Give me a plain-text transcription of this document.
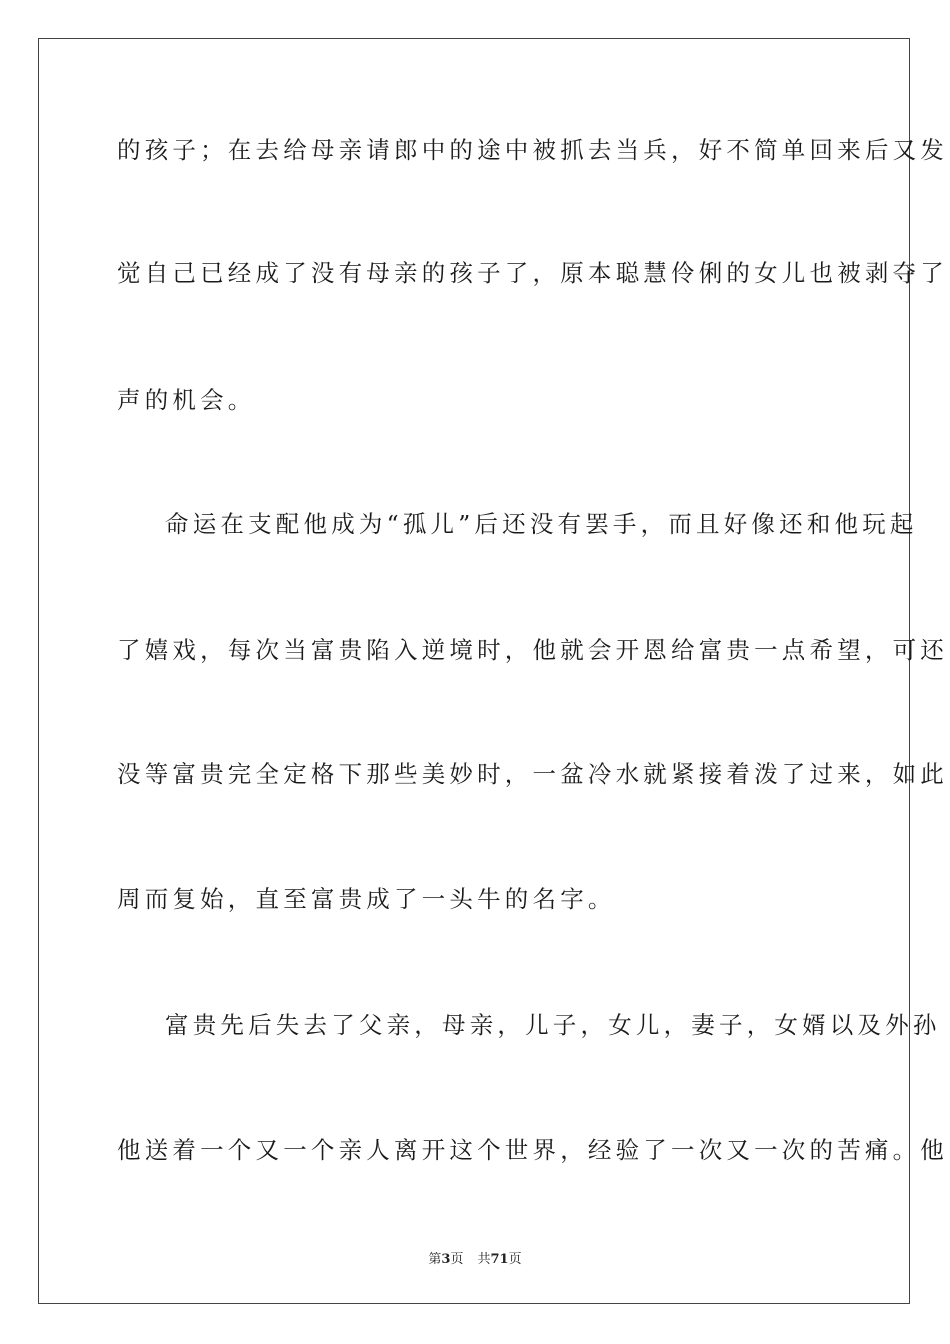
的孩子；在去给母亲请郎中的途中被抓去当兵，好不简单回来后又发
觉自己已经成了没有母亲的孩子了，原本聪慧伶俐的女儿也被剥夺了
声的机会。
命运在支配他成为“孤儿”后还没有罢手，而且好像还和他玩起
了嬉戏，每次当富贵陷入逆境时，他就会开恩给富贵一点希望，可还
没等富贵完全定格下那些美妙时，一盆冷水就紧接着泼了过来，如此
周而复始，直至富贵成了一头牛的名字。
富贵先后失去了父亲，母亲，儿子，女儿，妻子，女婿以及外孙
他送着一个又一个亲人离开这个世界，经验了一次又一次的苦痛。他
第3页 共71页
